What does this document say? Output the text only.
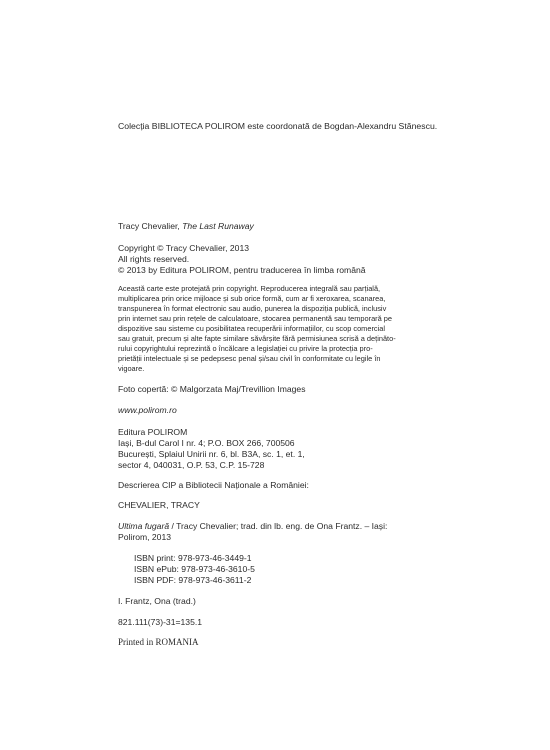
Colecția BIBLIOTECA POLIROM este coordonată de Bogdan-Alexandru Stănescu.
Tracy Chevalier, The Last Runaway
Copyright © Tracy Chevalier, 2013
All rights reserved.
© 2013 by Editura POLIROM, pentru traducerea în limba română

Această carte este protejată prin copyright. Reproducerea integrală sau parțială,

multiplicarea prin orice mijloace și sub orice formă, cum ar fi xeroxarea, scanarea,

transpunerea în format electronic sau audio, punerea la dispoziția publică, inclusiv

prin internet sau prin rețele de calculatoare, stocarea permanentă sau temporară pe

dispozitive sau sisteme cu posibilitatea recuperării informațiilor, cu scop comercial

sau gratuit, precum și alte fapte similare săvârșite fără permisiunea scrisă a deținăto-

rului copyrightului reprezintă o încălcare a legislației cu privire la protecția pro-

prietății intelectuale și se pedepsesc penal și/sau civil în conformitate cu legile în

vigoare.

Foto copertă: © Malgorzata Maj/Trevillion Images
www.polirom.ro
Editura POLIROM
Iași, B-dul Carol I nr. 4; P.O. BOX 266, 700506
București, Splaiul Unirii nr. 6, bl. B3A, sc. 1, et. 1,
sector 4, 040031, O.P. 53, C.P. 15-728
Descrierea CIP a Bibliotecii Naționale a României:
CHEVALIER, TRACY
Ultima fugară / Tracy Chevalier; trad. din lb. eng. de Ona Frantz. – Iași:
Polirom, 2013
ISBN print: 978-973-46-3449-1
ISBN ePub: 978-973-46-3610-5
ISBN PDF: 978-973-46-3611-2
I. Frantz, Ona (trad.)
821.111(73)-31=135.1
Printed in ROMANIA
